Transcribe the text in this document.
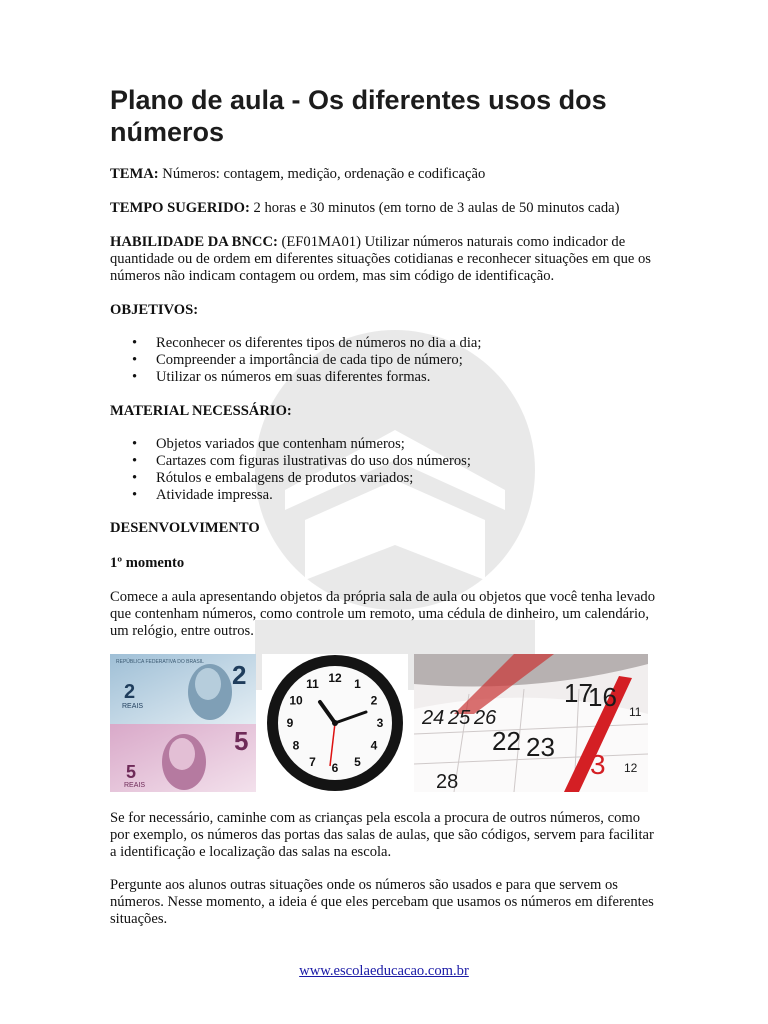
Plano de aula - Os diferentes usos dos números

TEMA: Números: contagem, medição, ordenação e codificação

TEMPO SUGERIDO: 2 horas e 30 minutos (em torno de 3 aulas de 50 minutos cada)

HABILIDADE DA BNCC: (EF01MA01) Utilizar números naturais como indicador de quantidade ou de ordem em diferentes situações cotidianas e reconhecer situações em que os números não indicam contagem ou ordem, mas sim código de identificação.

OBJETIVOS:

• Reconhecer os diferentes tipos de números no dia a dia;
• Compreender a importância de cada tipo de número;
• Utilizar os números em suas diferentes formas.

MATERIAL NECESSÁRIO:

• Objetos variados que contenham números;
• Cartazes com figuras ilustrativas do uso dos números;
• Rótulos e embalagens de produtos variados;
• Atividade impressa.

DESENVOLVIMENTO

1º momento

Comece a aula apresentando objetos da própria sala de aula ou objetos que você tenha levado que contenham números, como controle um remoto, uma cédula de dinheiro, um calendário, um relógio, entre outros.

REPÚBLICA FEDERATIVA DO BRASIL 2
2
REAIS
5
5
REAIS
12 1
2
3
4
5
6
7
8
9
10
11	17
16 11
24 25 26
22 23
28
3 12

Se for necessário, caminhe com as crianças pela escola a procura de outros números, como por exemplo, os números das portas das salas de aulas, que são códigos, servem para facilitar a identificação e localização das salas na escola.

Pergunte aos alunos outras situações onde os números são usados e para que servem os números. Nesse momento, a ideia é que eles percebam que usamos os números em diferentes situações.

www.escolaeducacao.com.br
